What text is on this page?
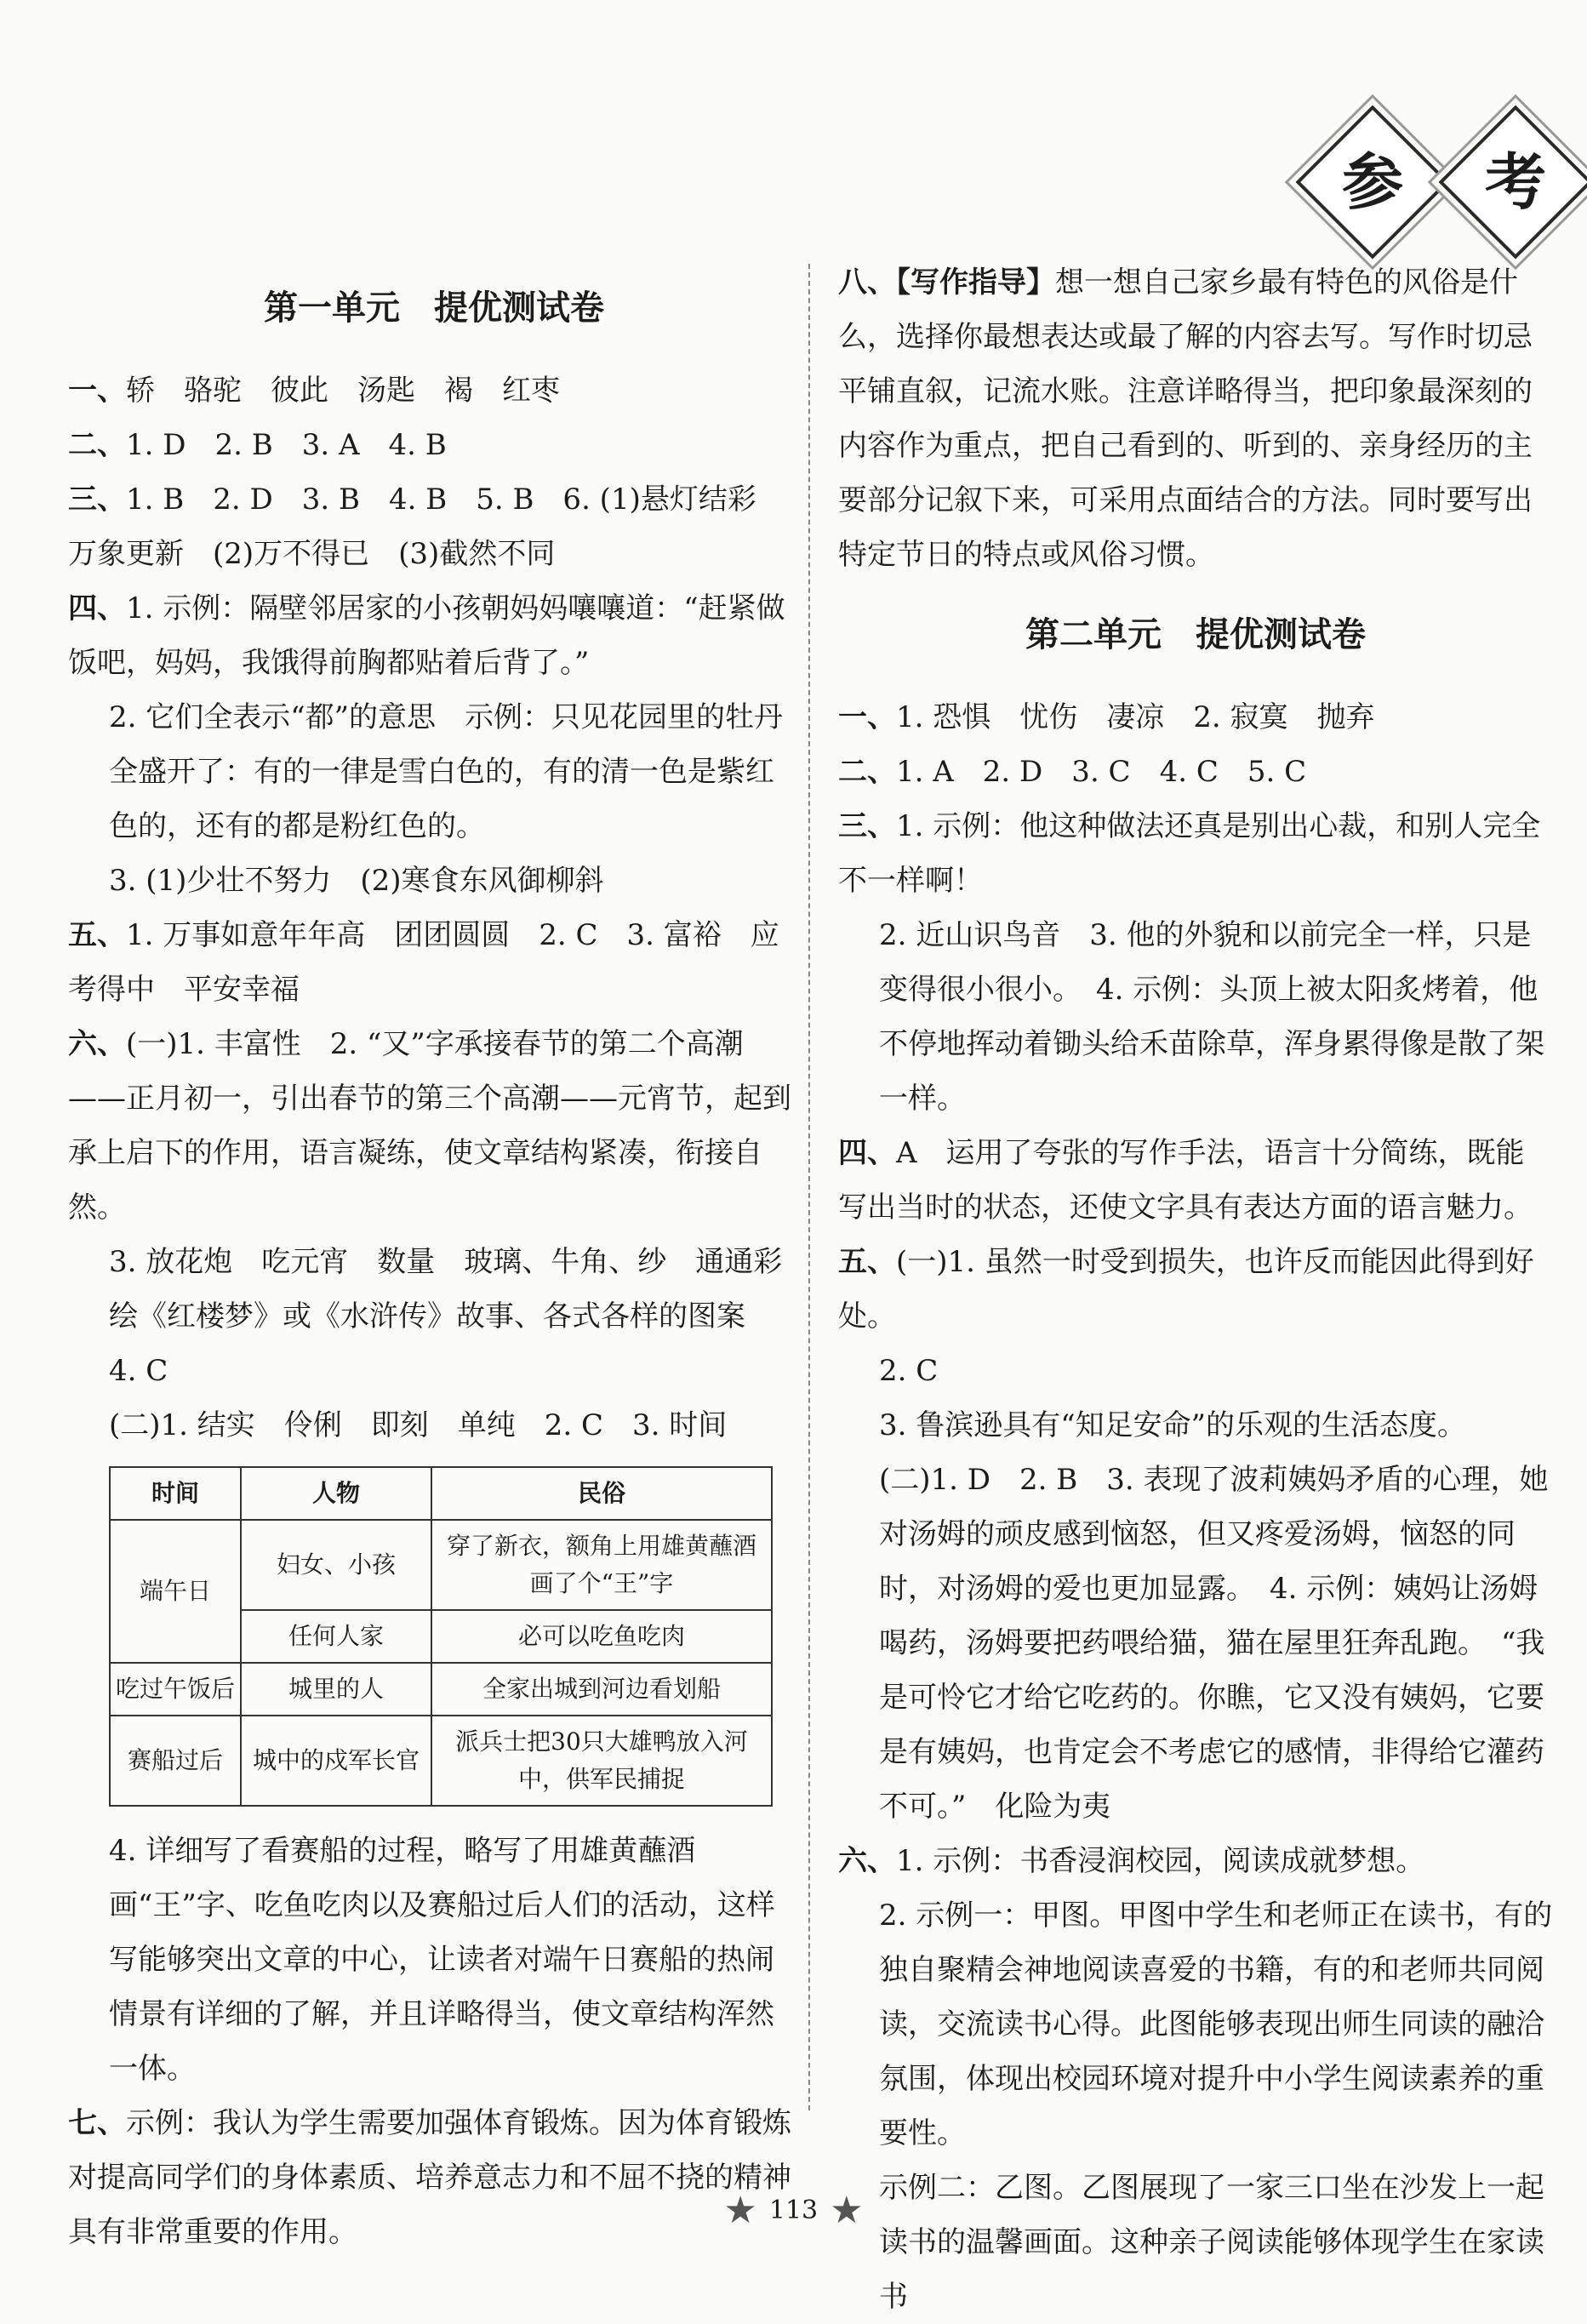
参 考
第一单元　提优测试卷

一、轿　骆驼　彼此　汤匙　褐　红枣

二、1. D　2. B　3. A　4. B

三、1. B　2. D　3. B　4. B　5. B　6. (1)悬灯结彩　万象更新　(2)万不得已　(3)截然不同

四、1. 示例：隔壁邻居家的小孩朝妈妈嚷嚷道：“赶紧做饭吧，妈妈，我饿得前胸都贴着后背了。”

2. 它们全表示“都”的意思　示例：只见花园里的牡丹全盛开了：有的一律是雪白色的，有的清一色是紫红色的，还有的都是粉红色的。

3. (1)少壮不努力　(2)寒食东风御柳斜

五、1. 万事如意年年高　团团圆圆　2. C　3. 富裕　应考得中　平安幸福

六、(一)1. 丰富性　2. “又”字承接春节的第二个高潮——正月初一，引出春节的第三个高潮——元宵节，起到承上启下的作用，语言凝练，使文章结构紧凑，衔接自然。

3. 放花炮　吃元宵　数量　玻璃、牛角、纱　通通彩绘《红楼梦》或《水浒传》故事、各式各样的图案　4. C

(二)1. 结实　伶俐　即刻　单纯　2. C　3. 时间

时间	人物	民俗
端午日	妇女、小孩	穿了新衣，额角上用雄黄蘸酒画了个“王”字
	任何人家	必可以吃鱼吃肉
吃过午饭后	城里的人	全家出城到河边看划船
赛船过后	城中的戍军长官	派兵士把30只大雄鸭放入河中，供军民捕捉

4. 详细写了看赛船的过程，略写了用雄黄蘸酒画“王”字、吃鱼吃肉以及赛船过后人们的活动，这样写能够突出文章的中心，让读者对端午日赛船的热闹情景有详细的了解，并且详略得当，使文章结构浑然一体。

七、示例：我认为学生需要加强体育锻炼。因为体育锻炼对提高同学们的身体素质、培养意志力和不屈不挠的精神具有非常重要的作用。

八、【写作指导】想一想自己家乡最有特色的风俗是什么，选择你最想表达或最了解的内容去写。写作时切忌平铺直叙，记流水账。注意详略得当，把印象最深刻的内容作为重点，把自己看到的、听到的、亲身经历的主要部分记叙下来，可采用点面结合的方法。同时要写出特定节日的特点或风俗习惯。

第二单元　提优测试卷

一、1. 恐惧　忧伤　凄凉　2. 寂寞　抛弃

二、1. A　2. D　3. C　4. C　5. C

三、1. 示例：他这种做法还真是别出心裁，和别人完全不一样啊！

2. 近山识鸟音　3. 他的外貌和以前完全一样，只是变得很小很小。　4. 示例：头顶上被太阳炙烤着，他不停地挥动着锄头给禾苗除草，浑身累得像是散了架一样。

四、A　运用了夸张的写作手法，语言十分简练，既能写出当时的状态，还使文字具有表达方面的语言魅力。

五、(一)1. 虽然一时受到损失，也许反而能因此得到好处。

2. C

3. 鲁滨逊具有“知足安命”的乐观的生活态度。

(二)1. D　2. B　3. 表现了波莉姨妈矛盾的心理，她对汤姆的顽皮感到恼怒，但又疼爱汤姆，恼怒的同时，对汤姆的爱也更加显露。　4. 示例：姨妈让汤姆喝药，汤姆要把药喂给猫，猫在屋里狂奔乱跑。　“我是可怜它才给它吃药的。你瞧，它又没有姨妈，它要是有姨妈，也肯定会不考虑它的感情，非得给它灌药不可。”　化险为夷

六、1. 示例：书香浸润校园，阅读成就梦想。

2. 示例一：甲图。甲图中学生和老师正在读书，有的独自聚精会神地阅读喜爱的书籍，有的和老师共同阅读，交流读书心得。此图能够表现出师生同读的融洽氛围，体现出校园环境对提升中小学生阅读素养的重要性。

示例二：乙图。乙图展现了一家三口坐在沙发上一起读书的温馨画面。这种亲子阅读能够体现学生在家读书

★ 113 ★
